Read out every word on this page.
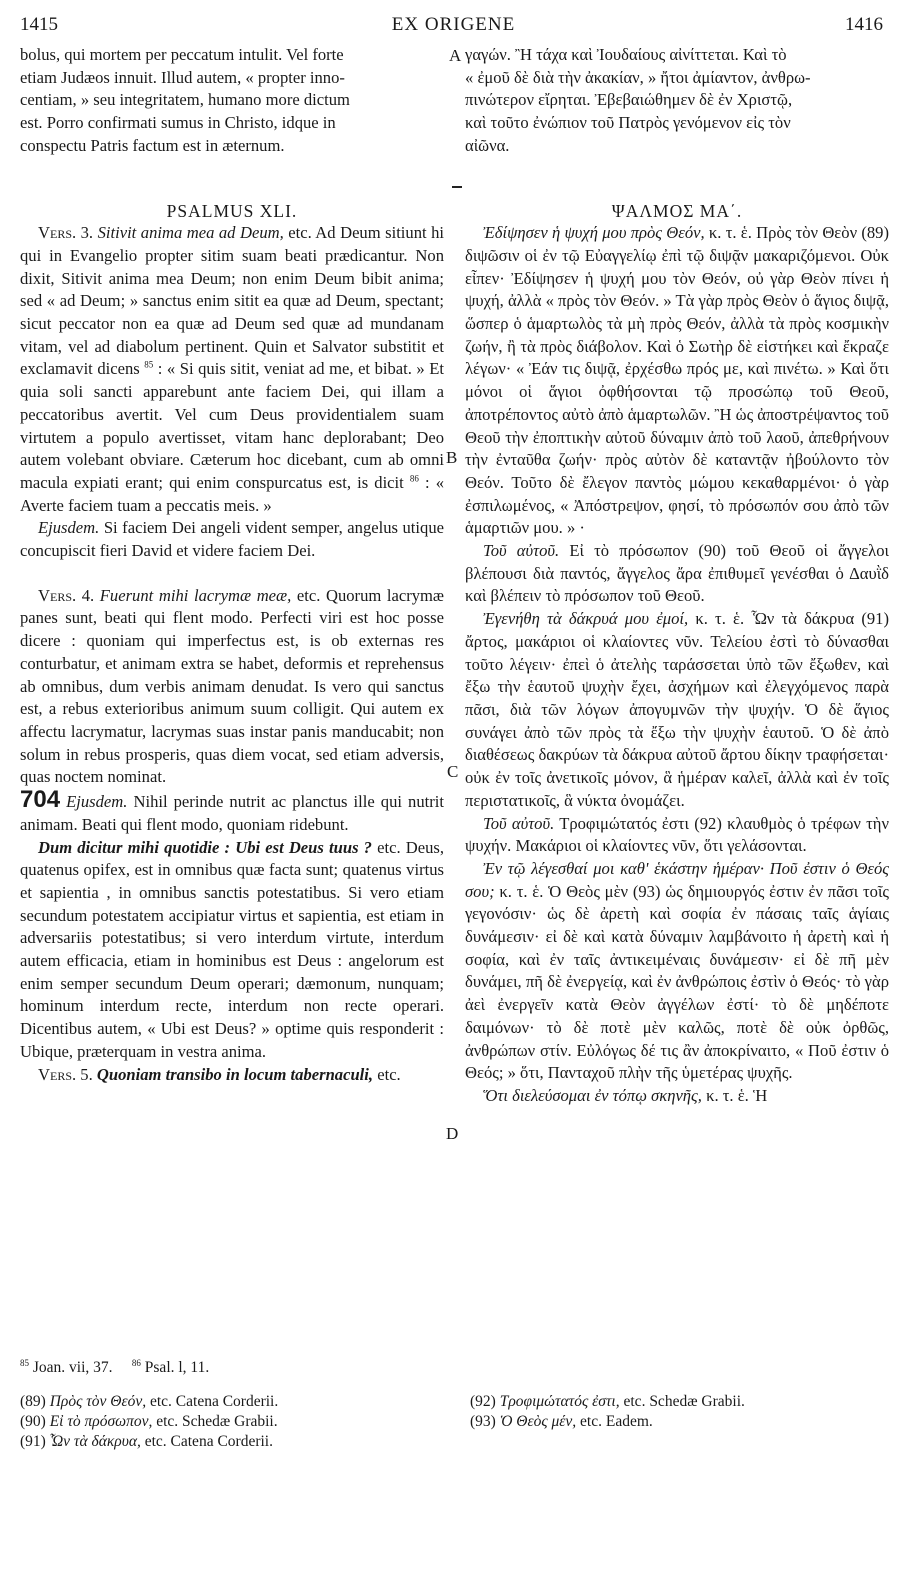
1415	EX ORIGENE	1416
A
B
C
D

bolus, qui mortem per peccatum intulit. Vel forte

etiam Judæos innuit. Illud autem, « propter inno-

centiam, » seu integritatem, humano more dictum

est. Porro confirmati sumus in Christo, idque in

conspectu Patris factum est in æternum.

PSALMUS XLI.

Vers. 3. Sitivit anima mea ad Deum, etc. Ad Deum sitiunt hi qui in Evangelio propter sitim suam beati prædicantur. Non dixit, Sitivit anima mea Deum; non enim Deum bibit anima; sed « ad Deum; » sanctus enim sitit ea quæ ad Deum, spectant; sicut peccator non ea quæ ad Deum sed quæ ad mundanam vitam, vel ad diabolum pertinent. Quin et Salvator substitit et exclamavit dicens $^{85}$ : « Si quis sitit, veniat ad me, et bibat. » Et quia soli sancti apparebunt ante faciem Dei, qui illam a peccatoribus avertit. Vel cum Deus providentialem suam virtutem a populo avertisset, vitam hanc deplorabant; Deo autem volebant obviare. Cæterum hoc dicebant, cum ab omni macula expiati erant; qui enim conspurcatus est, is dicit $^{86}$ : « Averte faciem tuam a peccatis meis. »

Ejusdem. Si faciem Dei angeli vident semper, angelus utique concupiscit fieri David et videre faciem Dei.

Vers. 4. Fuerunt mihi lacrymæ meæ, etc. Quorum lacrymæ panes sunt, beati qui flent modo. Perfecti viri est hoc posse dicere : quoniam qui imperfectus est, is ob externas res conturbatur, et animam extra se habet, deformis et reprehensus ab omnibus, dum verbis animam denudat. Is vero qui sanctus est, a rebus exterioribus animum suum colligit. Qui autem ex affectu lacrymatur, lacrymas suas instar panis manducabit; non solum in rebus prosperis, quas diem vocat, sed etiam adversis, quas noctem nominat.

704 Ejusdem. Nihil perinde nutrit ac planctus ille qui nutrit animam. Beati qui flent modo, quoniam ridebunt.

Dum dicitur mihi quotidie : Ubi est Deus tuus ? etc. Deus, quatenus opifex, est in omnibus quæ facta sunt; quatenus virtus et sapientia , in omnibus sanctis potestatibus. Si vero etiam secundum potestatem accipiatur virtus et sapientia, est etiam in adversariis potestatibus; si vero interdum virtute, interdum autem efficacia, etiam in hominibus est Deus : angelorum est enim semper secundum Deum operari; dæmonum, nunquam; hominum interdum recte, interdum non recte operari. Dicentibus autem, « Ubi est Deus? » optime quis responderit : Ubique, præterquam in vestra anima.

Vers. 5. Quoniam transibo in locum tabernaculi, etc.

γαγών. Ἢ τάχα καὶ Ἰουδαίους αἰνίττεται. Καὶ τὸ

« ἐμοῦ δὲ διὰ τὴν ἀκακίαν, » ἤτοι ἀμίαντον, ἀνθρω-

πινώτερον εἴρηται. Ἐβεβαιώθημεν δὲ ἐν Χριστῷ,

καὶ τοῦτο ἐνώπιον τοῦ Πατρὸς γενόμενον εἰς τὸν

αἰῶνα.

ΨΑΛΜΟΣ ΜΑ΄.

Ἐδίψησεν ἡ ψυχή μου πρὸς Θεόν, κ. τ. ἑ. Πρὸς τὸν Θεὸν (89) διψῶσιν οἱ ἐν τῷ Εὐαγγελίῳ ἐπὶ τῷ διψᾷν μακαριζόμενοι. Οὐκ εἶπεν· Ἐδίψησεν ἡ ψυχή μου τὸν Θεόν, οὐ γὰρ Θεὸν πίνει ἡ ψυχή, ἀλλὰ « πρὸς τὸν Θεόν. » Τὰ γὰρ πρὸς Θεὸν ὁ ἅγιος διψᾷ, ὥσπερ ὁ ἁμαρτωλὸς τὰ μὴ πρὸς Θεόν, ἀλλὰ τὰ πρὸς κοσμικὴν ζωήν, ἢ τὰ πρὸς διάβολον. Καὶ ὁ Σωτὴρ δὲ εἱστήκει καὶ ἔκραζε λέγων· « Ἐάν τις διψᾷ, ἐρχέσθω πρός με, καὶ πινέτω. » Καὶ ὅτι μόνοι οἱ ἅγιοι ὀφθήσονται τῷ προσώπῳ τοῦ Θεοῦ, ἀποτρέποντος αὐτὸ ἀπὸ ἁμαρτωλῶν. Ἢ ὡς ἀποστρέψαντος τοῦ Θεοῦ τὴν ἐποπτικὴν αὐτοῦ δύναμιν ἀπὸ τοῦ λαοῦ, ἀπεθρήνουν τὴν ἐνταῦθα ζωήν· πρὸς αὐτὸν δὲ καταντᾷν ἠβούλοντο τὸν Θεόν. Τοῦτο δὲ ἔλεγον παντὸς μώμου κεκαθαρμένοι· ὁ γὰρ ἐσπιλωμένος, « Ἀπόστρεψον, φησί, τὸ πρόσωπόν σου ἀπὸ τῶν ἁμαρτιῶν μου. » ·

Τοῦ αὐτοῦ. Εἰ τὸ πρόσωπον (90) τοῦ Θεοῦ οἱ ἄγγελοι βλέπουσι διὰ παντός, ἄγγελος ἄρα ἐπιθυμεῖ γενέσθαι ὁ Δαυῒδ καὶ βλέπειν τὸ πρόσωπον τοῦ Θεοῦ.

Ἐγενήθη τὰ δάκρυά μου ἐμοί, κ. τ. ἑ. Ὧν τὰ δάκρυα (91) ἄρτος, μακάριοι οἱ κλαίοντες νῦν. Τελείου ἐστὶ τὸ δύνασθαι τοῦτο λέγειν· ἐπεὶ ὁ ἀτελὴς ταράσσεται ὑπὸ τῶν ἔξωθεν, καὶ ἔξω τὴν ἑαυτοῦ ψυχὴν ἔχει, ἀσχήμων καὶ ἐλεγχόμενος παρὰ πᾶσι, διὰ τῶν λόγων ἀπογυμνῶν τὴν ψυχήν. Ὁ δὲ ἅγιος συνάγει ἀπὸ τῶν πρὸς τὰ ἔξω τὴν ψυχὴν ἑαυτοῦ. Ὁ δὲ ἀπὸ διαθέσεως δακρύων τὰ δάκρυα αὐτοῦ ἄρτου δίκην τραφήσεται· οὐκ ἐν τοῖς ἀνετικοῖς μόνον, ἃ ἡμέραν καλεῖ, ἀλλὰ καὶ ἐν τοῖς περιστατικοῖς, ἃ νύκτα ὀνομάζει.

Τοῦ αὐτοῦ. Τροφιμώτατός ἐστι (92) κλαυθμὸς ὁ τρέφων τὴν ψυχήν. Μακάριοι οἱ κλαίοντες νῦν, ὅτι γελάσονται.

Ἐν τῷ λέγεσθαί μοι καθ' ἑκάστην ἡμέραν· Ποῦ ἐστιν ὁ Θεός σου; κ. τ. ἑ. Ὁ Θεὸς μὲν (93) ὡς δημιουργός ἐστιν ἐν πᾶσι τοῖς γεγονόσιν· ὡς δὲ ἀρετὴ καὶ σοφία ἐν πάσαις ταῖς ἁγίαις δυνάμεσιν· εἰ δὲ καὶ κατὰ δύναμιν λαμβάνοιτο ἡ ἀρετὴ καὶ ἡ σοφία, καὶ ἐν ταῖς ἀντικειμέναις δυνάμεσιν· εἰ δὲ πῆ μὲν δυνάμει, πῆ δὲ ἐνεργείᾳ, καὶ ἐν ἀνθρώποις ἐστὶν ὁ Θεός· τὸ γὰρ ἀεὶ ἐνεργεῖν κατὰ Θεὸν ἀγγέλων ἐστί· τὸ δὲ μηδέποτε δαιμόνων· τὸ δὲ ποτὲ μὲν καλῶς, ποτὲ δὲ οὐκ ὀρθῶς, ἀνθρώπων στίν. Εὐλόγως δέ τις ἂν ἀποκρίναιτο, « Ποῦ ἐστιν ὁ Θεός; » ὅτι, Πανταχοῦ πλὴν τῆς ὑμετέρας ψυχῆς.

Ὅτι διελεύσομαι ἐν τόπῳ σκηνῆς, κ. τ. ἑ. Ἡ

$^{85}$ Joan. vii, 37. $^{86}$ Psal. l, 11.

(89) Πρὸς τὸν Θεόν, etc. Catena Corderii.

(90) Εἰ τὸ πρόσωπον, etc. Schedæ Grabii.

(91) Ὧν τὰ δάκρυα, etc. Catena Corderii.

(92) Τροφιμώτατός ἐστι, etc. Schedæ Grabii.

(93) Ὁ Θεὸς μέν, etc. Eadem.
